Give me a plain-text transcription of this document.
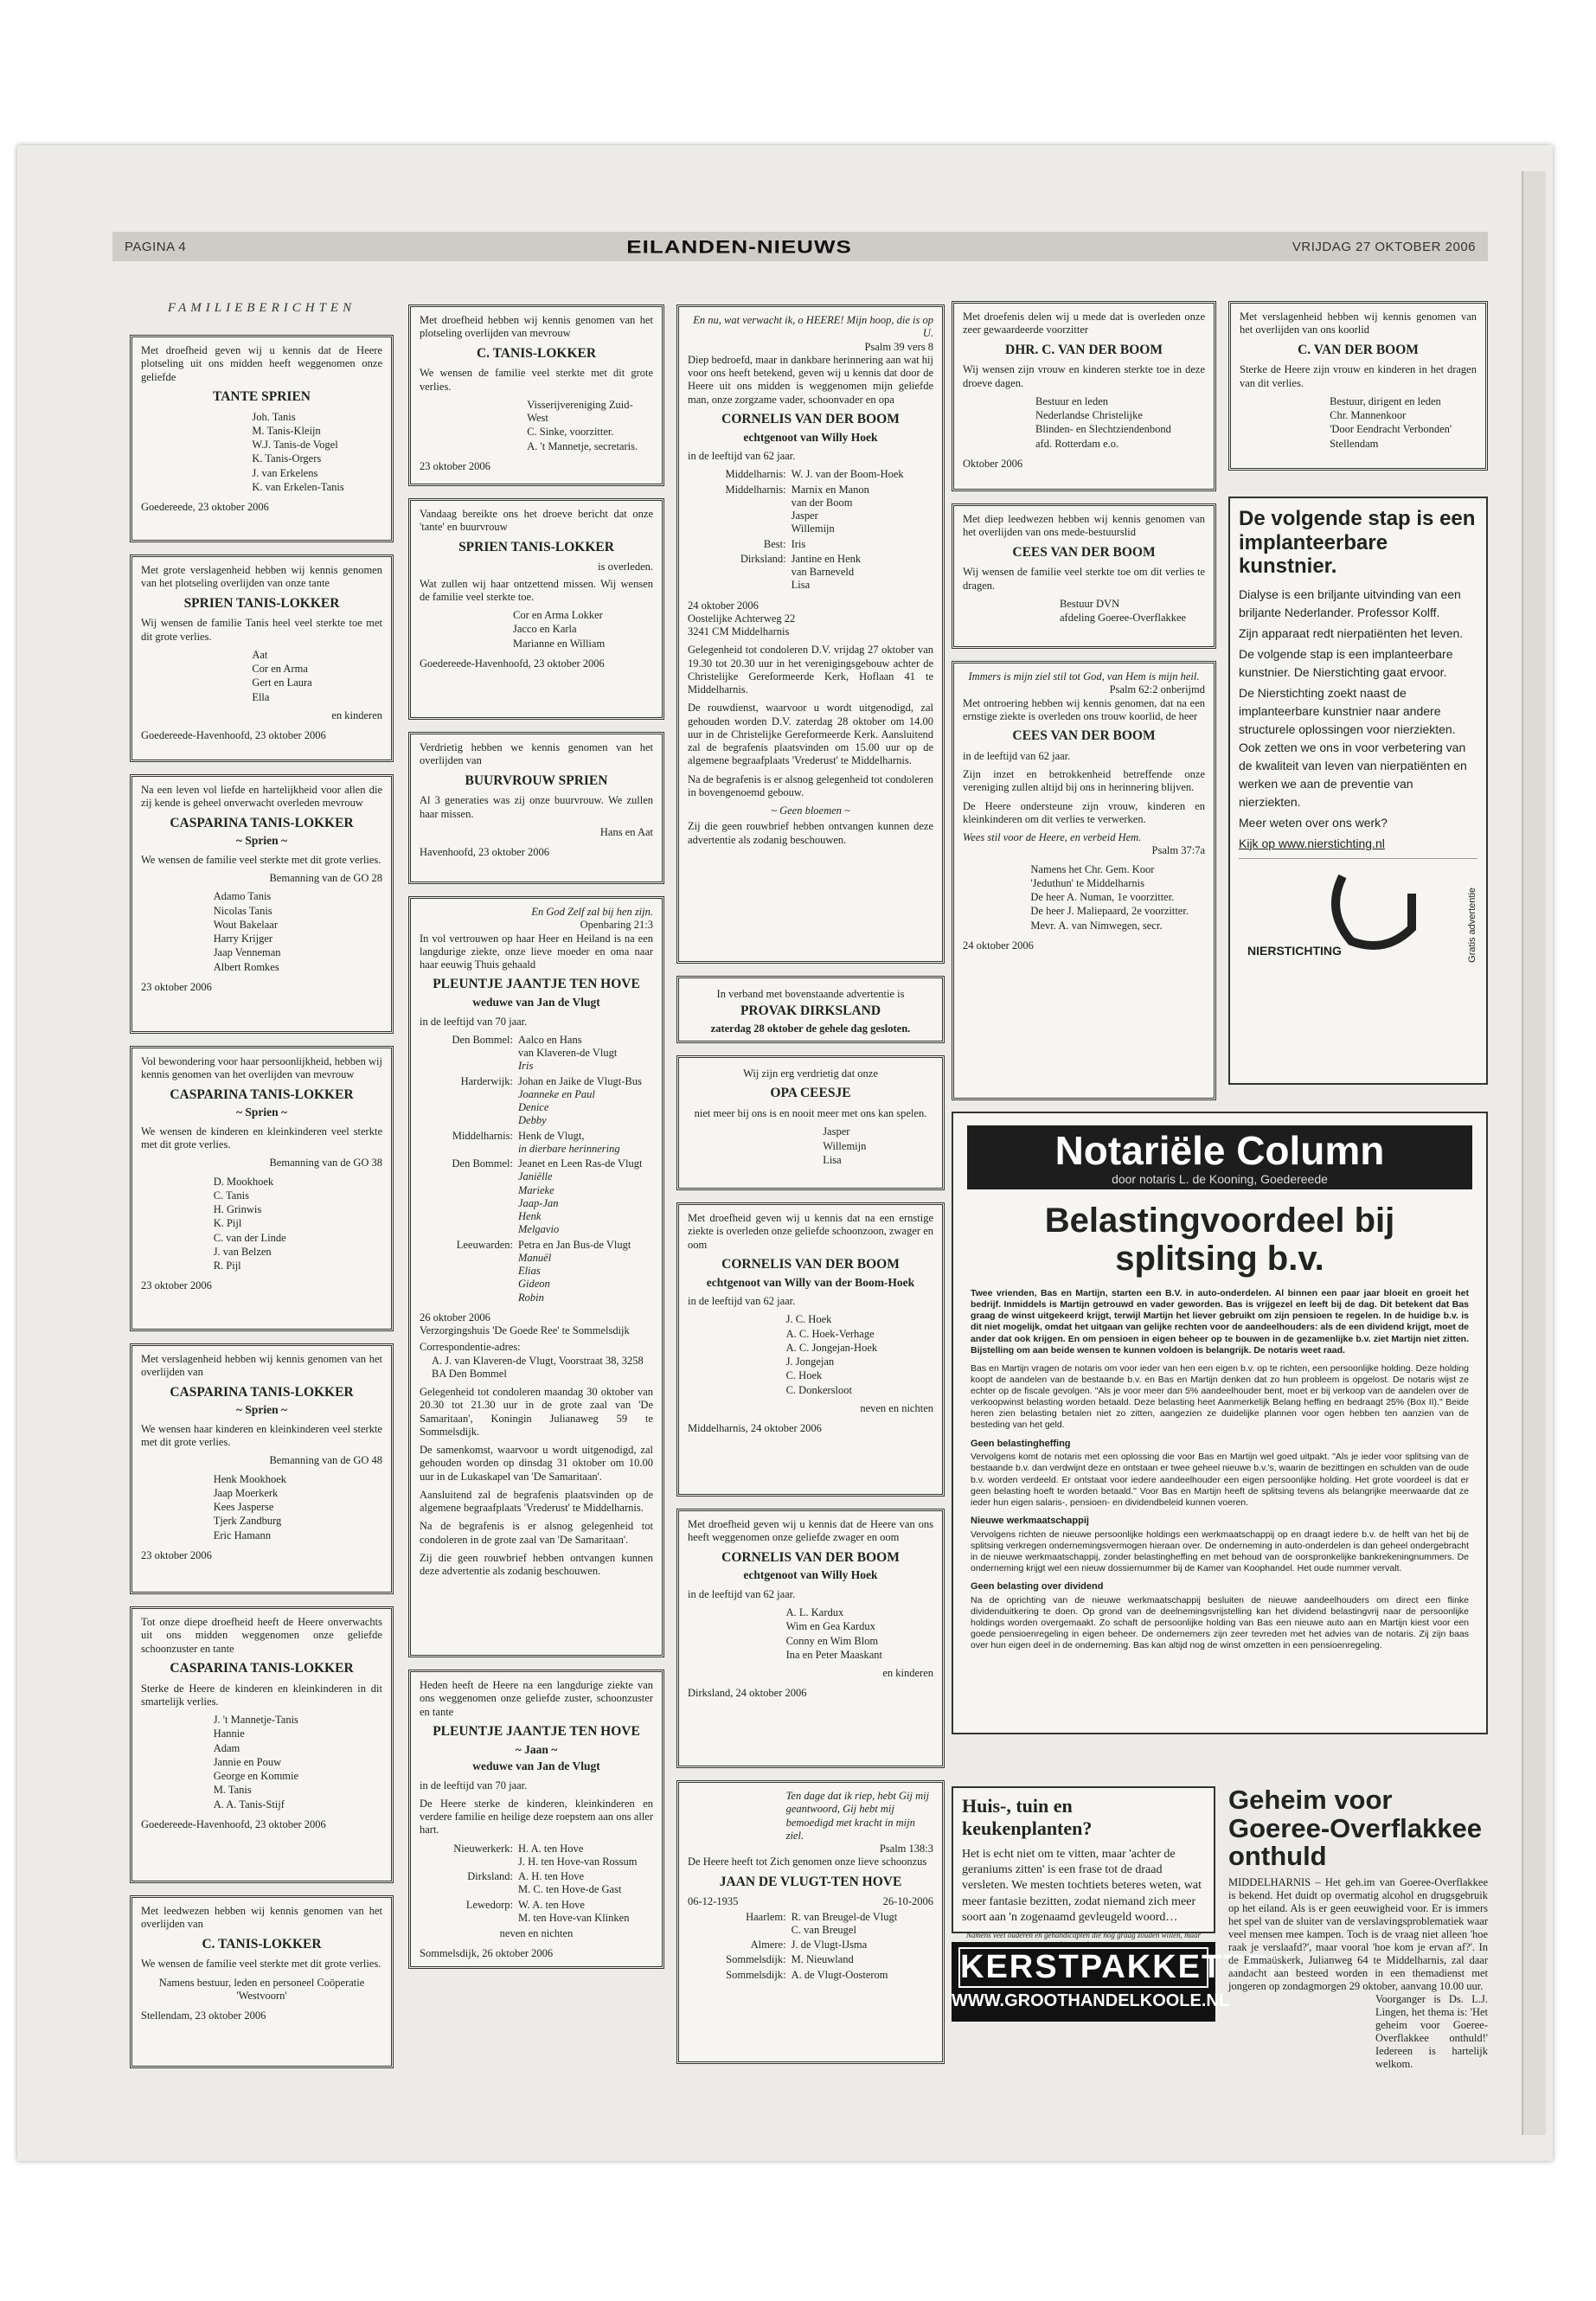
PAGINA 4	EILANDEN-NIEUWS	VRIJDAG 27 OKTOBER 2006
FAMILIEBERICHTEN

Met droefheid geven wij u kennis dat de Heere plotseling uit ons midden heeft weggenomen onze geliefde

TANTE SPRIEN
Joh. Tanis
M. Tanis-Kleijn
W.J. Tanis-de Vogel
K. Tanis-Orgers
J. van Erkelens
K. van Erkelen-Tanis
Goedereede, 23 oktober 2006

Met grote verslagenheid hebben wij kennis genomen van het plotseling overlijden van onze tante

SPRIEN TANIS-LOKKER

Wij wensen de familie Tanis heel veel sterkte toe met dit grote verlies.

Aat
Cor en Arma
Gert en Laura
Ella
en kinderen
Goedereede-Havenhoofd, 23 oktober 2006

Na een leven vol liefde en hartelijkheid voor allen die zij kende is geheel onverwacht overleden mevrouw

CASPARINA TANIS-LOKKER
~ Sprien ~

We wensen de familie veel sterkte met dit grote verlies.

Bemanning van de GO 28
Adamo Tanis
Nicolas Tanis
Wout Bakelaar
Harry Krijger
Jaap Venneman
Albert Romkes
23 oktober 2006

Vol bewondering voor haar persoonlijkheid, hebben wij kennis genomen van het overlijden van mevrouw

CASPARINA TANIS-LOKKER
~ Sprien ~

We wensen de kinderen en kleinkinderen veel sterkte met dit grote verlies.

Bemanning van de GO 38
D. Mookhoek
C. Tanis
H. Grinwis
K. Pijl
C. van der Linde
J. van Belzen
R. Pijl
23 oktober 2006

Met verslagenheid hebben wij kennis genomen van het overlijden van

CASPARINA TANIS-LOKKER
~ Sprien ~

We wensen haar kinderen en kleinkinderen veel sterkte met dit grote verlies.

Bemanning van de GO 48
Henk Mookhoek
Jaap Moerkerk
Kees Jasperse
Tjerk Zandburg
Eric Hamann
23 oktober 2006

Tot onze diepe droefheid heeft de Heere onverwachts uit ons midden weggenomen onze geliefde schoonzuster en tante

CASPARINA TANIS-LOKKER

Sterke de Heere de kinderen en kleinkinderen in dit smartelijk verlies.

J. 't Mannetje-Tanis
Hannie
Adam
Jannie en Pouw
George en Kommie
M. Tanis
A. A. Tanis-Stijf
Goedereede-Havenhoofd, 23 oktober 2006

Met leedwezen hebben wij kennis genomen van het overlijden van

C. TANIS-LOKKER

We wensen de familie veel sterkte met dit grote verlies.

Namens bestuur, leden en personeel Coöperatie 'Westvoorn'
Stellendam, 23 oktober 2006

Met droefheid hebben wij kennis genomen van het plotseling overlijden van mevrouw

C. TANIS-LOKKER

We wensen de familie veel sterkte met dit grote verlies.

Visserijvereniging Zuid-West
C. Sinke, voorzitter.
A. 't Mannetje, secretaris.
23 oktober 2006

Vandaag bereikte ons het droeve bericht dat onze 'tante' en buurvrouw

SPRIEN TANIS-LOKKER
is overleden.

Wat zullen wij haar ontzettend missen. Wij wensen de familie veel sterkte toe.

Cor en Arma Lokker
Jacco en Karla
Marianne en William
Goedereede-Havenhoofd, 23 oktober 2006

Verdrietig hebben we kennis genomen van het overlijden van

BUURVROUW SPRIEN

Al 3 generaties was zij onze buurvrouw. We zullen haar missen.

Hans en Aat
Havenhoofd, 23 oktober 2006
En God Zelf zal bij hen zijn.
Openbaring 21:3

In vol vertrouwen op haar Heer en Heiland is na een langdurige ziekte, onze lieve moeder en oma naar haar eeuwig Thuis gehaald

PLEUNTJE JAANTJE TEN HOVE
weduwe van Jan de Vlugt

in de leeftijd van 70 jaar.

Den Bommel: Aalco en Hans
van Klaveren-de Vlugt
Iris
Harderwijk: Johan en Jaike de Vlugt-Bus
Joanneke en Paul
Denice
Debby
Middelharnis: Henk de Vlugt,
in dierbare herinnering
Den Bommel: Jeanet en Leen Ras-de Vlugt
Janiëlle
Marieke
Jaap-Jan
Henk
Melgavio
Leeuwarden: Petra en Jan Bus-de Vlugt
Manuël
Elias
Gideon
Robin
26 oktober 2006
Verzorgingshuis 'De Goede Ree' te Sommelsdijk
Correspondentie-adres:
A. J. van Klaveren-de Vlugt, Voorstraat 38, 3258 BA Den Bommel

Gelegenheid tot condoleren maandag 30 oktober van 20.30 tot 21.30 uur in de grote zaal van 'De Samaritaan', Koningin Julianaweg 59 te Sommelsdijk.

De samenkomst, waarvoor u wordt uitgenodigd, zal gehouden worden op dinsdag 31 oktober om 10.00 uur in de Lukaskapel van 'De Samaritaan'.

Aansluitend zal de begrafenis plaatsvinden op de algemene begraafplaats 'Vrederust' te Middelharnis.

Na de begrafenis is er alsnog gelegenheid tot condoleren in de grote zaal van 'De Samaritaan'.

Zij die geen rouwbrief hebben ontvangen kunnen deze advertentie als zodanig beschouwen.

Heden heeft de Heere na een langdurige ziekte van ons weggenomen onze geliefde zuster, schoonzuster en tante

PLEUNTJE JAANTJE TEN HOVE
~ Jaan ~
weduwe van Jan de Vlugt

in de leeftijd van 70 jaar.

De Heere sterke de kinderen, kleinkinderen en verdere familie en heilige deze roepstem aan ons aller hart.

Nieuwerkerk: H. A. ten Hove
J. H. ten Hove-van Rossum
Dirksland: A. H. ten Hove
M. C. ten Hove-de Gast
Lewedorp: W. A. ten Hove
M. ten Hove-van Klinken
neven en nichten
Sommelsdijk, 26 oktober 2006
En nu, wat verwacht ik, o HEERE! Mijn hoop, die is op U.
Psalm 39 vers 8

Diep bedroefd, maar in dankbare herinnering aan wat hij voor ons heeft betekend, geven wij u kennis dat door de Heere uit ons midden is weggenomen mijn geliefde man, onze zorgzame vader, schoonvader en opa

CORNELIS VAN DER BOOM
echtgenoot van Willy Hoek

in de leeftijd van 62 jaar.

Middelharnis: W. J. van der Boom-Hoek
Middelharnis: Marnix en Manon
van der Boom
Jasper
Willemijn
Best: Iris
Dirksland: Jantine en Henk
van Barneveld
Lisa
24 oktober 2006
Oostelijke Achterweg 22
3241 CM Middelharnis

Gelegenheid tot condoleren D.V. vrijdag 27 oktober van 19.30 tot 20.30 uur in het verenigingsgebouw achter de Christelijke Gereformeerde Kerk, Hoflaan 41 te Middelharnis.

De rouwdienst, waarvoor u wordt uitgenodigd, zal gehouden worden D.V. zaterdag 28 oktober om 14.00 uur in de Christelijke Gereformeerde Kerk. Aansluitend zal de begrafenis plaatsvinden om 15.00 uur op de algemene begraafplaats 'Vrederust' te Middelharnis.

Na de begrafenis is er alsnog gelegenheid tot condoleren in bovengenoemd gebouw.

~ Geen bloemen ~

Zij die geen rouwbrief hebben ontvangen kunnen deze advertentie als zodanig beschouwen.

In verband met bovenstaande advertentie is
PROVAK DIRKSLAND
zaterdag 28 oktober de gehele dag gesloten.
Wij zijn erg verdrietig dat onze
OPA CEESJE
niet meer bij ons is en nooit meer met ons kan spelen.
Jasper
Willemijn
Lisa

Met droefheid geven wij u kennis dat na een ernstige ziekte is overleden onze geliefde schoonzoon, zwager en oom

CORNELIS VAN DER BOOM
echtgenoot van Willy van der Boom-Hoek

in de leeftijd van 62 jaar.

J. C. Hoek
A. C. Hoek-Verhage
A. C. Jongejan-Hoek
J. Jongejan
C. Hoek
C. Donkersloot
neven en nichten
Middelharnis, 24 oktober 2006

Met droefheid geven wij u kennis dat de Heere van ons heeft weggenomen onze geliefde zwager en oom

CORNELIS VAN DER BOOM
echtgenoot van Willy Hoek

in de leeftijd van 62 jaar.

A. L. Kardux
Wim en Gea Kardux
Conny en Wim Blom
Ina en Peter Maaskant
en kinderen
Dirksland, 24 oktober 2006
Ten dage dat ik riep, hebt Gij mij geantwoord, Gij hebt mij bemoedigd met kracht in mijn ziel.
Psalm 138:3

De Heere heeft tot Zich genomen onze lieve schoonzus

JAAN DE VLUGT-TEN HOVE
06-12-1935	26-10-2006
Haarlem: R. van Breugel-de Vlugt
C. van Breugel
Almere: J. de Vlugt-IJsma
Sommelsdijk: M. Nieuwland
Sommelsdijk: A. de Vlugt-Oosterom

Met droefenis delen wij u mede dat is overleden onze zeer gewaardeerde voorzitter

DHR. C. VAN DER BOOM

Wij wensen zijn vrouw en kinderen sterkte toe in deze droeve dagen.

Bestuur en leden
Nederlandse Christelijke
Blinden- en Slechtziendenbond
afd. Rotterdam e.o.
Oktober 2006

Met diep leedwezen hebben wij kennis genomen van het overlijden van ons mede-bestuurslid

CEES VAN DER BOOM

Wij wensen de familie veel sterkte toe om dit verlies te dragen.

Bestuur DVN
afdeling Goeree-Overflakkee
Immers is mijn ziel stil tot God, van Hem is mijn heil.
Psalm 62:2 onberijmd

Met ontroering hebben wij kennis genomen, dat na een ernstige ziekte is overleden ons trouw koorlid, de heer

CEES VAN DER BOOM

in de leeftijd van 62 jaar.

Zijn inzet en betrokkenheid betreffende onze vereniging zullen altijd bij ons in herinnering blijven.

De Heere ondersteune zijn vrouw, kinderen en kleinkinderen om dit verlies te verwerken.

Wees stil voor de Heere, en verbeid Hem.
Psalm 37:7a
Namens het Chr. Gem. Koor
'Jeduthun' te Middelharnis
De heer A. Numan, 1e voorzitter.
De heer J. Maliepaard, 2e voorzitter.
Mevr. A. van Nimwegen, secr.
24 oktober 2006

Met verslagenheid hebben wij kennis genomen van het overlijden van ons koorlid

C. VAN DER BOOM

Sterke de Heere zijn vrouw en kinderen in het dragen van dit verlies.

Bestuur, dirigent en leden
Chr. Mannenkoor
'Door Eendracht Verbonden'
Stellendam
De volgende stap is een implanteerbare kunstnier.

Dialyse is een briljante uitvinding van een briljante Nederlander. Professor Kolff.

Zijn apparaat redt nierpatiënten het leven.

De volgende stap is een implanteerbare kunstnier. De Nierstichting gaat ervoor.

De Nierstichting zoekt naast de implanteerbare kunstnier naar andere structurele oplossingen voor nierziekten. Ook zetten we ons in voor verbetering van de kwaliteit van leven van nierpatiënten en werken we aan de preventie van nierziekten.

Meer weten over ons werk?

Kijk op www.nierstichting.nl

NIERSTICHTING	Gratis advertentie
Notariële Column
door notaris L. de Kooning, Goedereede
Belastingvoordeel bij splitsing b.v.

Twee vrienden, Bas en Martijn, starten een B.V. in auto-onderdelen. Al binnen een paar jaar bloeit en groeit het bedrijf. Inmiddels is Martijn getrouwd en vader geworden. Bas is vrijgezel en leeft bij de dag. Dit betekent dat Bas graag de winst uitgekeerd krijgt, terwijl Martijn het liever gebruikt om zijn pensioen te regelen. In de huidige b.v. is dit niet mogelijk, omdat het uitgaan van gelijke rechten voor de aandeelhouders: als de een dividend krijgt, moet de ander dat ook krijgen. En om pensioen in eigen beheer op te bouwen in de gezamenlijke b.v. ziet Martijn niet zitten. Bijstelling om aan beide wensen te kunnen voldoen is belangrijk. De notaris weet raad.

Bas en Martijn vragen de notaris om voor ieder van hen een eigen b.v. op te richten, een persoonlijke holding. Deze holding koopt de aandelen van de bestaande b.v. en Bas en Martijn denken dat zo hun probleem is opgelost. De notaris wijst ze echter op de fiscale gevolgen. "Als je voor meer dan 5% aandeelhouder bent, moet er bij verkoop van de aandelen over de verkoopwinst belasting worden betaald. Deze belasting heet Aanmerkelijk Belang heffing en bedraagt 25% (Box II)." Beide heren zien belasting betalen niet zo zitten, aangezien ze duidelijke plannen voor ogen hebben ten aanzien van de besteding van het geld.

Geen belastingheffing

Vervolgens komt de notaris met een oplossing die voor Bas en Martijn wel goed uitpakt. "Als je ieder voor splitsing van de bestaande b.v. dan verdwijnt deze en ontstaan er twee geheel nieuwe b.v.'s, waarin de bezittingen en schulden van de oude b.v. worden verdeeld. Er ontstaat voor iedere aandeelhouder een eigen persoonlijke holding. Het grote voordeel is dat er geen belasting hoeft te worden betaald." Voor Bas en Martijn heeft de splitsing tevens als belangrijke meerwaarde dat ze ieder hun eigen salaris-, pensioen- en dividendbeleid kunnen voeren.

Nieuwe werkmaatschappij

Vervolgens richten de nieuwe persoonlijke holdings een werkmaatschappij op en draagt iedere b.v. de helft van het bij de splitsing verkregen ondernemingsvermogen hieraan over. De onderneming in auto-onderdelen is dan geheel ondergebracht in de nieuwe werkmaatschappij, zonder belastingheffing en met behoud van de oorspronkelijke bankrekeningnummers. De onderneming krijgt wel een nieuw dossiernummer bij de Kamer van Koophandel. Het oude nummer vervalt.

Geen belasting over dividend

Na de oprichting van de nieuwe werkmaatschappij besluiten de nieuwe aandeelhouders om direct een flinke dividenduitkering te doen. Op grond van de deelnemingsvrijstelling kan het dividend belastingvrij naar de persoonlijke holdings worden overgemaakt. Zo schaft de persoonlijke holding van Bas een nieuwe auto aan en Martijn kiest voor een goede pensioenregeling in eigen beheer. De ondernemers zijn zeer tevreden met het advies van de notaris. Zij zijn baas over hun eigen deel in de onderneming. Bas kan altijd nog de winst omzetten in een pensioenregeling.

Huis-, tuin en keukenplanten?

Het is echt niet om te vitten, maar 'achter de geraniums zitten' is een frase tot de draad versleten. We mesten tochtiets beteres weten, wat meer fantasie bezitten, zodat niemand zich meer soort aan 'n zogenaamd gevleugeld woord…

Namens veel ouderen en gehandicapten die nog graag zouden willen, maar
KERSTPAKKETTEN
WWW.GROOTHANDELKOOLE.NL
Geheim voor Goeree-Overflakkee onthuld

MIDDELHARNIS – Het geh.im van Goeree-Overflakkee is bekend. Het duidt op overmatig alcohol en drugsgebruik op het eiland. Als is er geen eeuwigheid voor. Er is immers het spel van de sluiter van de verslavingsproblematiek waar veel mensen mee kampen. Toch is de vraag niet alleen 'hoe raak je verslaafd?', maar vooral 'hoe kom je ervan af?'. In de Emmaüskerk, Julianweg 64 te Middelharnis, zal daar aandacht aan besteed worden in een themadienst met jongeren op zondagmorgen 29 oktober, aanvang 10.00 uur.

Voorganger is Ds. L.J. Lingen, het thema is: 'Het geheim voor Goeree-Overflakkee onthuld!' Iedereen is hartelijk welkom.
